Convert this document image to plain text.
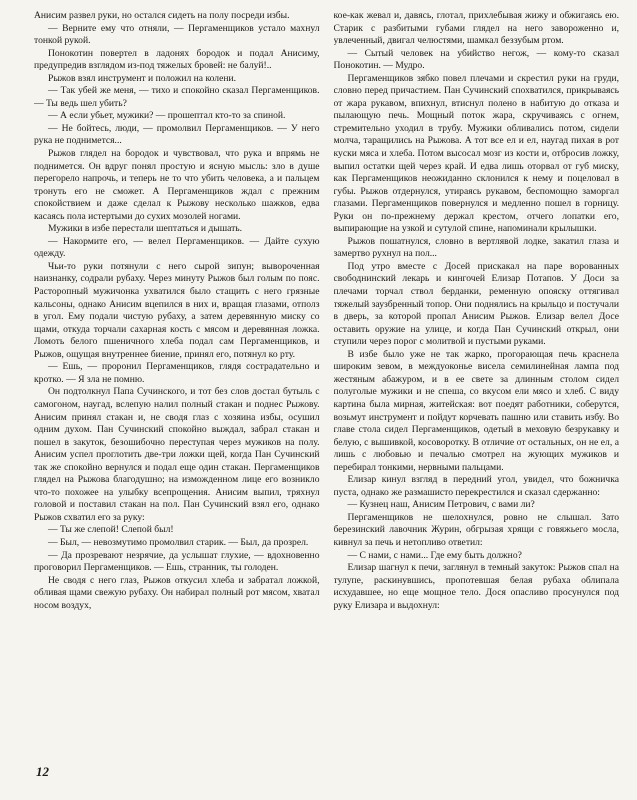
Анисим развел руки, но остался сидеть на полу посреди избы.

— Верните ему что отняли, — Пергаменщиков устало махнул тонкой рукой.

Понокотин повертел в ладонях бородок и подал Анисиму, предупредив взглядом из-под тяжелых бровей: не балуй!..

Рыжов взял инструмент и положил на колени.

— Так убей же меня, — тихо и спокойно сказал Пергаменщиков. — Ты ведь шел убить?

— А если убьет, мужики? — прошептал кто-то за спиной.

— Не бойтесь, люди, — промолвил Пергаменщиков. — У него рука не поднимется...

Рыжов глядел на бородок и чувствовал, что рука и впрямь не поднимется. Он вдруг понял простую и ясную мысль: зло в душе перегорело напрочь, и теперь не то что убить человека, а и пальцем тронуть его не сможет. А Пергаменщиков ждал с прежним спокойствием и даже сделал к Рыжову несколько шажков, едва касаясь пола истертыми до сухих мозолей ногами.

Мужики в избе перестали шептаться и дышать.

— Накормите его, — велел Пергаменщиков. — Дайте сухую одежду.

Чьи-то руки потянули с него сырой зипун; вывороченная наизнанку, содрали рубаху. Через минуту Рыжов был голым по пояс. Расторопный мужичонка ухватился было стащить с него грязные кальсоны, однако Анисим вцепился в них и, вращая глазами, отполз в угол. Ему подали чистую рубаху, а затем деревянную миску со щами, откуда торчали сахарная кость с мясом и деревянная ложка. Ломоть белого пшеничного хлеба подал сам Пергаменщиков, и Рыжов, ощущая внутреннее биение, принял его, потянул ко рту.

— Ешь, — проронил Пергаменщиков, глядя сострадательно и кротко. — Я зла не помню.

Он подтолкнул Папа Сучинского, и тот без слов достал бутыль с самогоном, наугад, вслепую налил полный стакан и поднес Рыжову. Анисим принял стакан и, не сводя глаз с хозяина избы, осушил одним духом. Пан Сучинский спокойно выждал, забрал стакан и пошел в закуток, безошибочно переступая через мужиков на полу. Анисим успел проглотить две-три ложки щей, когда Пан Сучинский так же спокойно вернулся и подал еще один стакан. Пергаменщиков глядел на Рыжова благодушно; на изможденном лице его возникло что-то похожее на улыбку всепрощения. Анисим выпил, тряхнул головой и поставил стакан на пол. Пан Сучинский взял его, однако Рыжов схватил его за руку:

— Ты же слепой! Слепой был!

— Был, — невозмутимо промолвил старик. — Был, да прозрел.

— Да прозревают незрячие, да услышат глухие, — вдохновенно проговорил Пергаменщиков. — Ешь, странник, ты голоден.

Не сводя с него глаз, Рыжов откусил хлеба и забратал ложкой, обливая щами свежую рубаху. Он набирал полный рот мясом, хватал носом воздух,

кое-как жевал и, давясь, глотал, прихлебывая жижу и обжигаясь ею. Старик с разбитыми губами глядел на него завороженно и, увлеченный, двигал челюстями, шамкал беззубым ртом.

— Сытый человек на убийство негож, — кому-то сказал Понокотин. — Мудро.

Пергаменщиков зябко повел плечами и скрестил руки на груди, словно перед причастием. Пан Сучинский спохватился, прикрываясь от жара рукавом, впихнул, втиснул полено в набитую до отказа и пылающую печь. Мощный поток жара, скручиваясь с огнем, стремительно уходил в трубу. Мужики обливались потом, сидели молча, таращились на Рыжова. А тот все ел и ел, наугад пихая в рот куски мяса и хлеба. Потом высосал мозг из кости и, отбросив ложку, выпил остатки щей через край. И едва лишь оторвал от губ миску, как Пергаменщиков неожиданно склонился к нему и поцеловал в губы. Рыжов отдернулся, утираясь рукавом, беспомощно заморгал глазами. Пергаменщиков повернулся и медленно пошел в горницу. Руки он по-прежнему держал крестом, отчего лопатки его, выпирающие на узкой и сутулой спине, напоминали крылышки.

Рыжов пошатнулся, словно в вертлявой лодке, закатил глаза и замертво рухнул на пол...

Под утро вместе с Досей прискакал на паре ворованных свободнинский лекарь и кингочей Елизар Потапов. У Доси за плечами торчал ствол берданки, ременную опояску оттягивал тяжелый заузбренный топор. Они поднялись на крыльцо и постучали в дверь, за которой пропал Анисим Рыжов. Елизар велел Досе оставить оружие на улице, и когда Пан Сучинский открыл, они ступили через порог с молитвой и пустыми руками.

В избе было уже не так жарко, прогорающая печь краснела широким зевом, в междуоконье висела семилинейная лампа под жестяным абажуром, и в ее свете за длинным столом сидел полуголые мужики и не спеша, со вкусом ели мясо и хлеб. С виду картина была мирная, житейская: вот поедят работники, соберутся, возьмут инструмент и пойдут корчевать пашню или ставить избу. Во главе стола сидел Пергаменщиков, одетый в меховую безрукавку и белую, с вышивкой, косоворотку. В отличие от остальных, он не ел, а лишь с любовью и печалью смотрел на жующих мужиков и перебирал тонкими, нервными пальцами.

Елизар кинул взгляд в передний угол, увидел, что божничка пуста, однако же размашисто перекрестился и сказал сдержанно:

— Кузнец наш, Анисим Петрович, с вами ли?

Пергаменщиков не шелохнулся, ровно не слышал. Зато березинский лавочник Журин, обгрызая хрящи с говяжьего мосла, кивнул за печь и нетопливо ответил:

— С нами, с нами... Где ему быть должно?

Елизар шагнул к печи, заглянул в темный закуток: Рыжов спал на тулупе, раскинувшись, пропотевшая белая рубаха облипала исхудавшее, но еще мощное тело. Дося опасливо просунулся под руку Елизара и выдохнул:

12
